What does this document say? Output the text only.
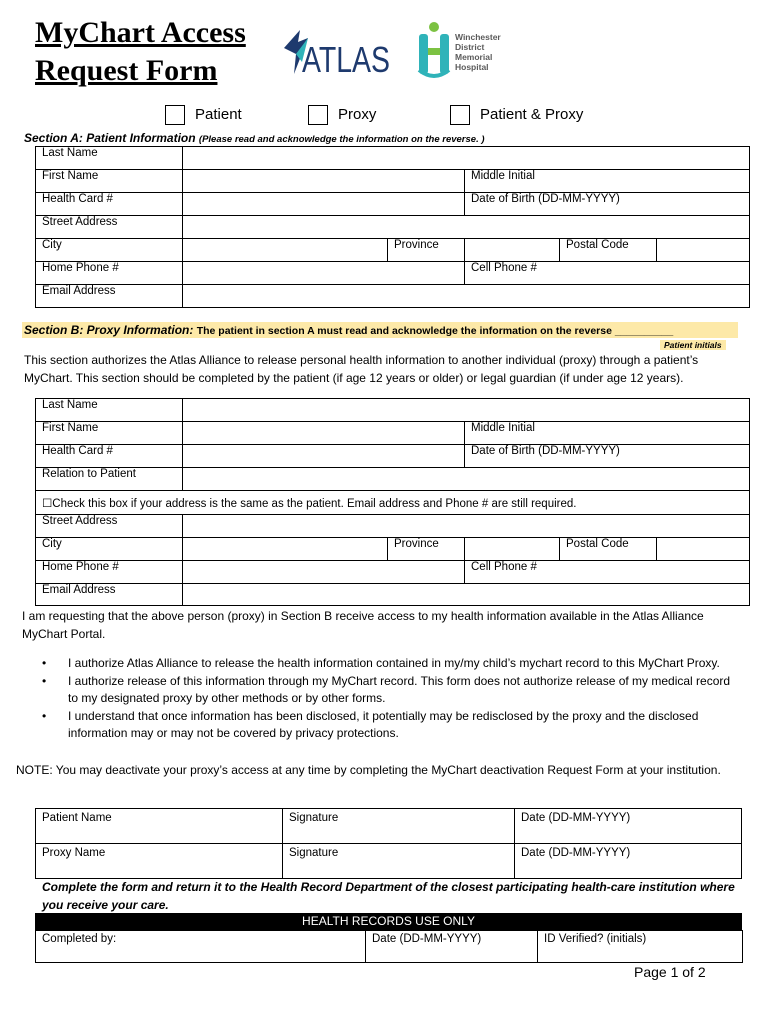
MyChart Access
Request Form	ATLAS
Winchester
District
Memorial
Hospital
Patient	Proxy	Patient & Proxy
Section A: Patient Information (Please read and acknowledge the information on the reverse. )
Last Name					
First Name			Middle Initial		
Health Card #			Date of Birth (DD-MM-YYYY)		
Street Address					
City		Province		Postal Code	
Home Phone #			Cell Phone #		
Email Address					
Section B: Proxy Information: The patient in section A must read and acknowledge the information on the reverse __________
Patient initials
This section authorizes the Atlas Alliance to release personal health information to another individual (proxy) through a patient’s MyChart. This section should be completed by the patient (if age 12 years or older) or legal guardian (if under age 12 years).
Last Name					
First Name			Middle Initial		
Health Card #			Date of Birth (DD-MM-YYYY)		
Relation to Patient					
☐Check this box if your address is the same as the patient. Email address and Phone # are still required.					
Street Address					
City		Province		Postal Code	
Home Phone #			Cell Phone #		
Email Address					
I am requesting that the above person (proxy) in Section B receive access to my health information available in the Atlas Alliance MyChart Portal.
• I authorize Atlas Alliance to release the health information contained in my/my child’s mychart record to this MyChart Proxy.
• I authorize release of this information through my MyChart record. This form does not authorize release of my medical record to my designated proxy by other methods or by other forms.
• I understand that once information has been disclosed, it potentially may be redisclosed by the proxy and the disclosed information may or may not be covered by privacy protections.
NOTE: You may deactivate your proxy’s access at any time by completing the MyChart deactivation Request Form at your institution.
Patient Name	Signature	Date (DD-MM-YYYY)
Proxy Name	Signature	Date (DD-MM-YYYY)
Complete the form and return it to the Health Record Department of the closest participating health-care institution where you receive your care.
HEALTH RECORDS USE ONLY
Completed by:	Date (DD-MM-YYYY)	ID Verified? (initials)
Page 1 of 2
